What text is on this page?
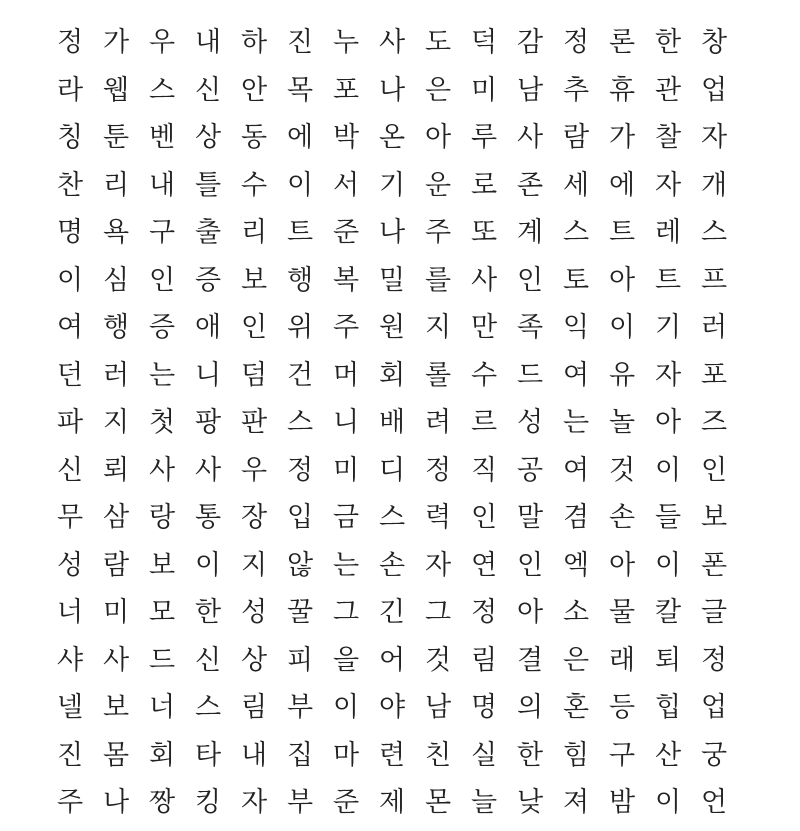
정 가 우 내 하 진 누 사 도 덕 감 정 론 한 창
라 웹 스 신 안 목 포 나 은 미 남 추 휴 관 업
칭 툰 벤 상 동 에 박 온 아 루 사 람 가 찰 자
찬 리 내 틀 수 이 서 기 운 로 존 세 에 자 개
명 욕 구 출 리 트 준 나 주 또 계 스 트 레 스
이 심 인 증 보 행 복 밀 를 사 인 토 아 트 프
여 행 증 애 인 위 주 원 지 만 족 익 이 기 러
던 러 는 니 덤 건 머 회 롤 수 드 여 유 자 포
파 지 첫 팡 판 스 니 배 려 르 성 는 놀 아 즈
신 뢰 사 사 우 정 미 디 정 직 공 여 것 이 인
무 삼 랑 통 장 입 금 스 력 인 말 겸 손 들 보
성 람 보 이 지 않 는 손 자 연 인 엑 아 이 폰
너 미 모 한 성 꿀 그 긴 그 정 아 소 물 칼 글
샤 사 드 신 상 피 을 어 것 림 결 은 래 퇴 정
넬 보 너 스 림 부 이 야 남 명 의 혼 등 힙 업
진 몸 회 타 내 집 마 련 친 실 한 힘 구 산 궁
주 나 짱 킹 자 부 준 제 몬 늘 낮 져 밤 이 언
